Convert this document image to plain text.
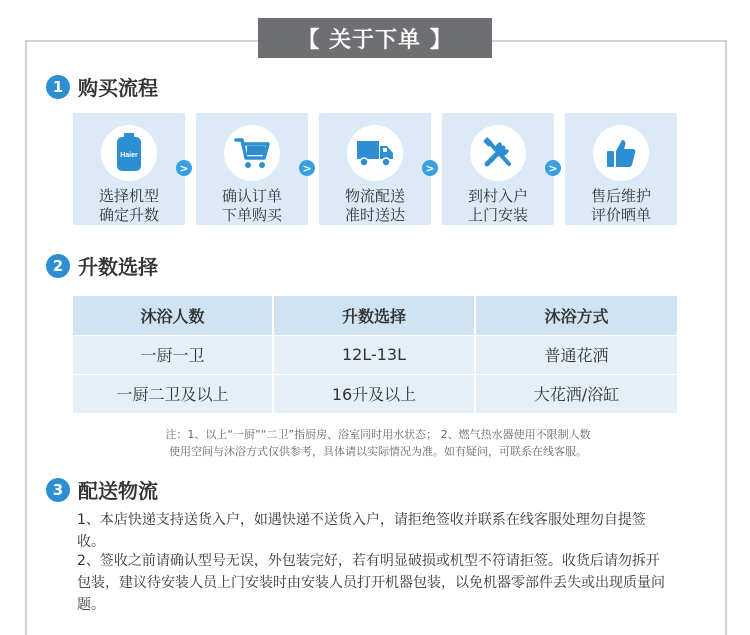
【 关于下单 】
1 购买流程
Haier
选择机型
确定升数
>
确认订单
下单购买
>
物流配送
准时送达
>
到村入户
上门安装
>
售后维护
评价晒单
2 升数选择
沐浴人数	升数选择	沐浴方式
一厨一卫	12L-13L	普通花洒
一厨二卫及以上	16升及以上	大花洒/浴缸
注：1、以上“一厨”“二卫”指厨房、浴室同时用水状态； 2、燃气热水器使用不限制人数
使用空间与沐浴方式仅供参考，具体请以实际情况为准。如有疑问，可联系在线客服。
3 配送物流
1、本店快递支持送货入户，如遇快递不送货入户，请拒绝签收并联系在线客服处理勿自提签收。
2、签收之前请确认型号无误，外包装完好，若有明显破损或机型不符请拒签。收货后请勿拆开包装，建议待安装人员上门安装时由安装人员打开机器包装，以免机器零部件丢失或出现质量问题。
